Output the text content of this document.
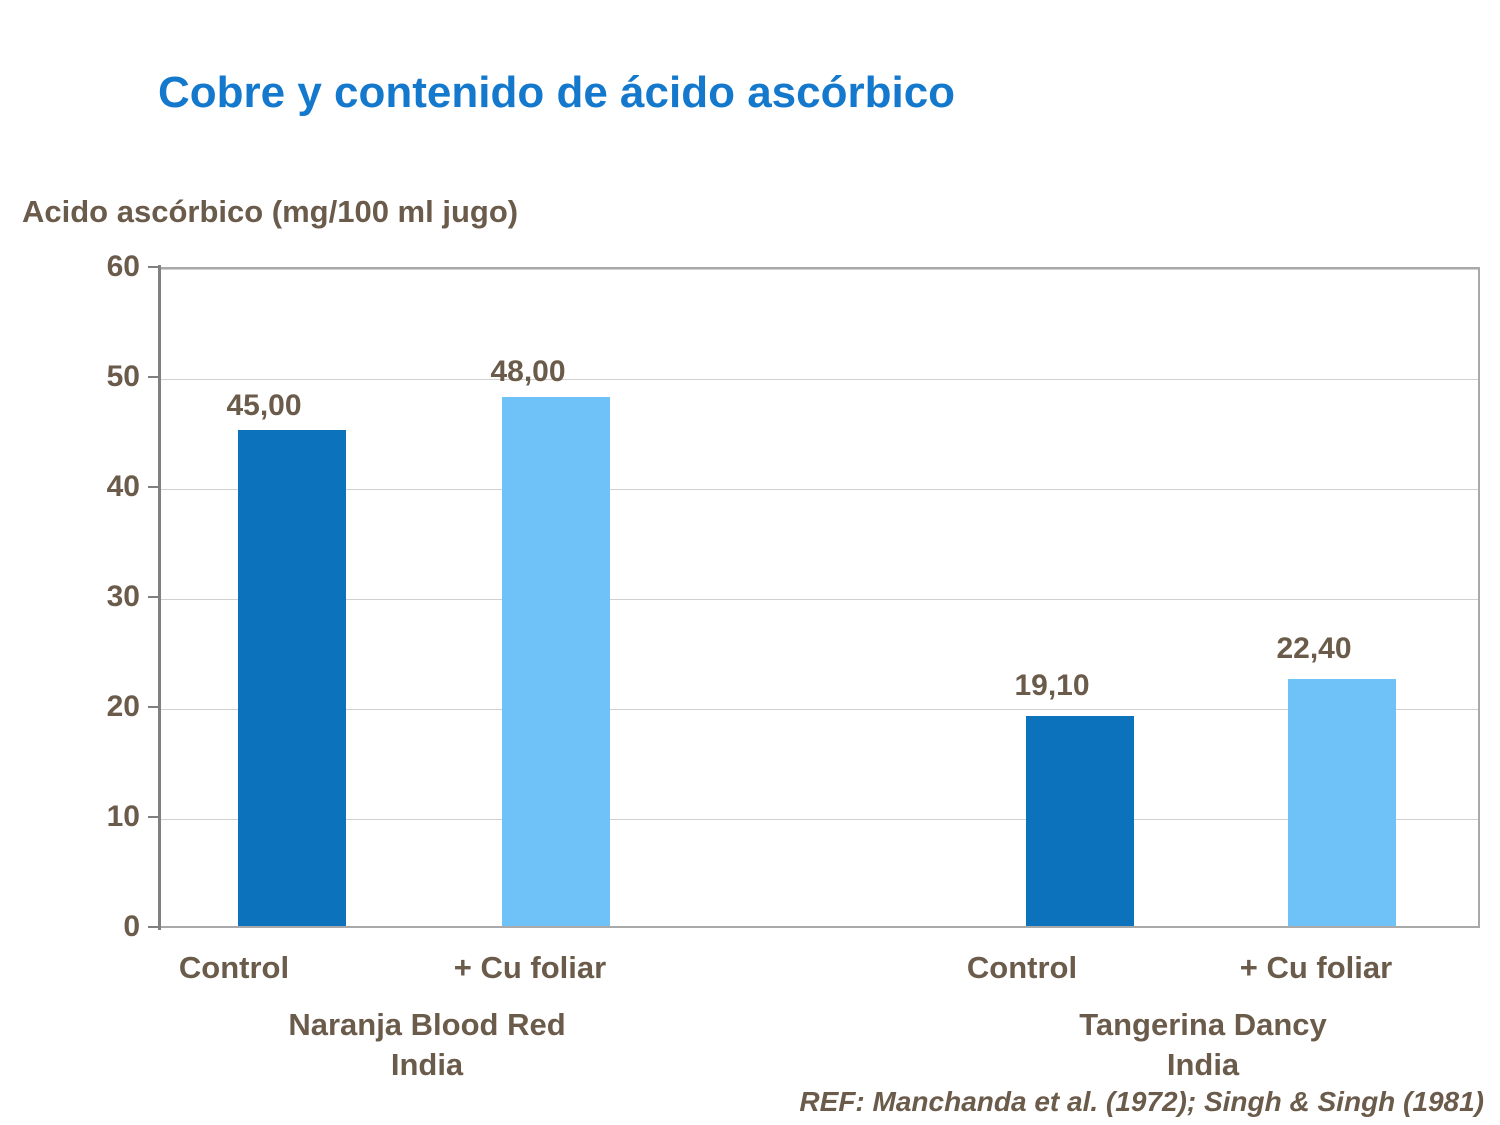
Cobre y contenido de ácido ascórbico
Acido ascórbico (mg/100 ml jugo)
60
50
40
30
20
10
0
45,00
48,00
19,10
22,40
Control	+ Cu foliar	Control	+ Cu foliar
Naranja Blood Red
India
Tangerina Dancy
India
REF: Manchanda et al. (1972); Singh & Singh (1981)
